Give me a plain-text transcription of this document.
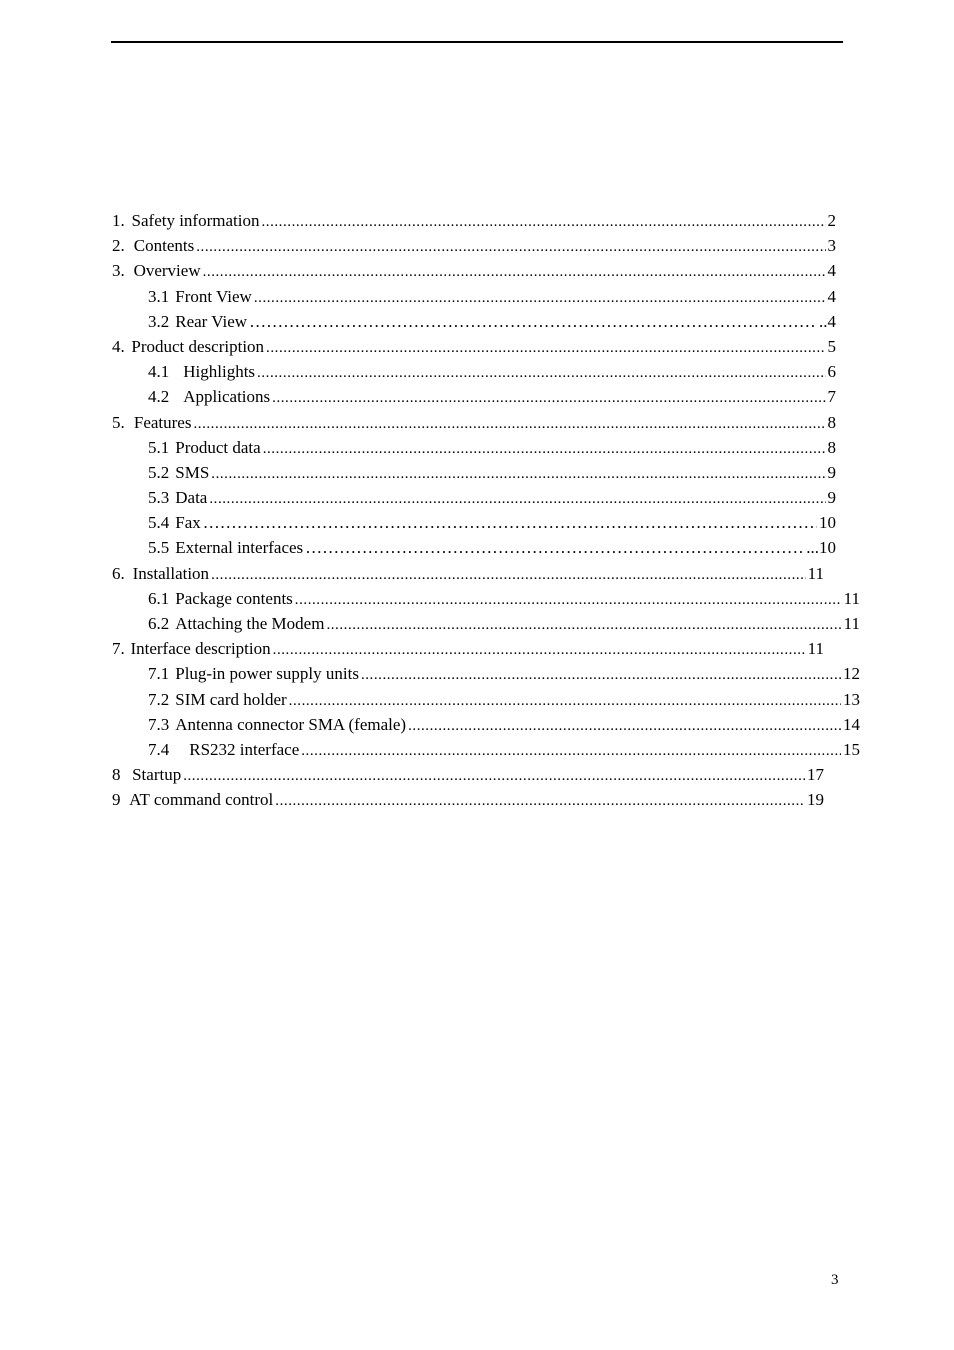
1. Safety information . . .	2
2. Contents . . .	3
3. Overview . . .	4
3.1 Front View . . .	4
3.2 Rear View ………………………………………………………………………………………………………………………………………………………………………………………	..4
4. Product description . . .	5
4.1 Highlights . . .	6
4.2 Applications . . .	7
5. Features . . .	8
5.1 Product data . . .	8
5.2 SMS . . .	9
5.3 Data . . .	9
5.4 Fax ………………………………………………………………………………………………………………………………………………………………………………………	10
5.5 External interfaces ………………………………………………………………………………………………………………………………………………………………………………………	...10
6. Installation . . .	11
6.1 Package contents . . .	11
6.2 Attaching the Modem . . .	11
7. Interface description . . .	11
7.1 Plug-in power supply units . . .	12
7.2 SIM card holder . . .	13
7.3 Antenna connector SMA (female) . . .	14
7.4 RS232 interface . . .	15
8 Startup . . .	17
9 AT command control . . .	19
3
